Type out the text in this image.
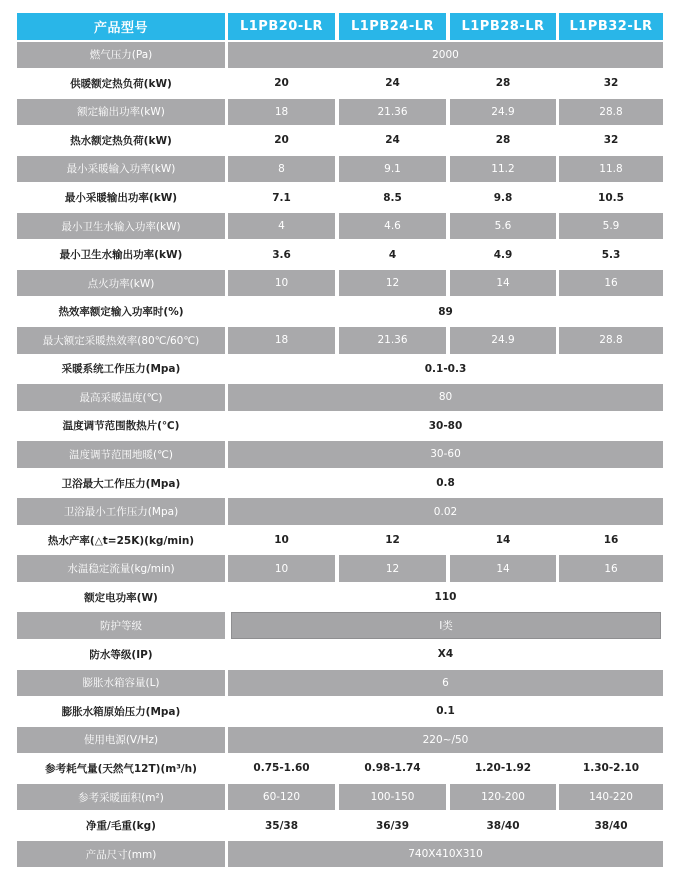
产品型号	L1PB20-LR	L1PB24-LR	L1PB28-LR	L1PB32-LR
燃气压力(Pa)	2000
供暖额定热负荷(kW)	20	24	28	32
额定输出功率(kW)	18	21.36	24.9	28.8
热水额定热负荷(kW)	20	24	28	32
最小采暖输入功率(kW)	8	9.1	11.2	11.8
最小采暖输出功率(kW)	7.1	8.5	9.8	10.5
最小卫生水输入功率(kW)	4	4.6	5.6	5.9
最小卫生水输出功率(kW)	3.6	4	4.9	5.3
点火功率(kW)	10	12	14	16
热效率额定输入功率时(%)	89
最大额定采暖热效率(80℃/60℃)	18	21.36	24.9	28.8
采暖系统工作压力(Mpa)	0.1-0.3
最高采暖温度(℃)	80
温度调节范围散热片(℃)	30-80
温度调节范围地暖(℃)	30-60
卫浴最大工作压力(Mpa)	0.8
卫浴最小工作压力(Mpa)	0.02
热水产率(△t=25K)(kg/min)	10	12	14	16
水温稳定流量(kg/min)	10	12	14	16
额定电功率(W)	110
防护等级	I类
防水等级(IP)	X4
膨胀水箱容量(L)	6
膨胀水箱原始压力(Mpa)	0.1
使用电源(V/Hz)	220~/50
参考耗气量(天然气12T)(m³/h)	0.75-1.60	0.98-1.74	1.20-1.92	1.30-2.10
参考采暖面积(m²)	60-120	100-150	120-200	140-220
净重/毛重(kg)	35/38	36/39	38/40	38/40
产品尺寸(mm)	740X410X310
